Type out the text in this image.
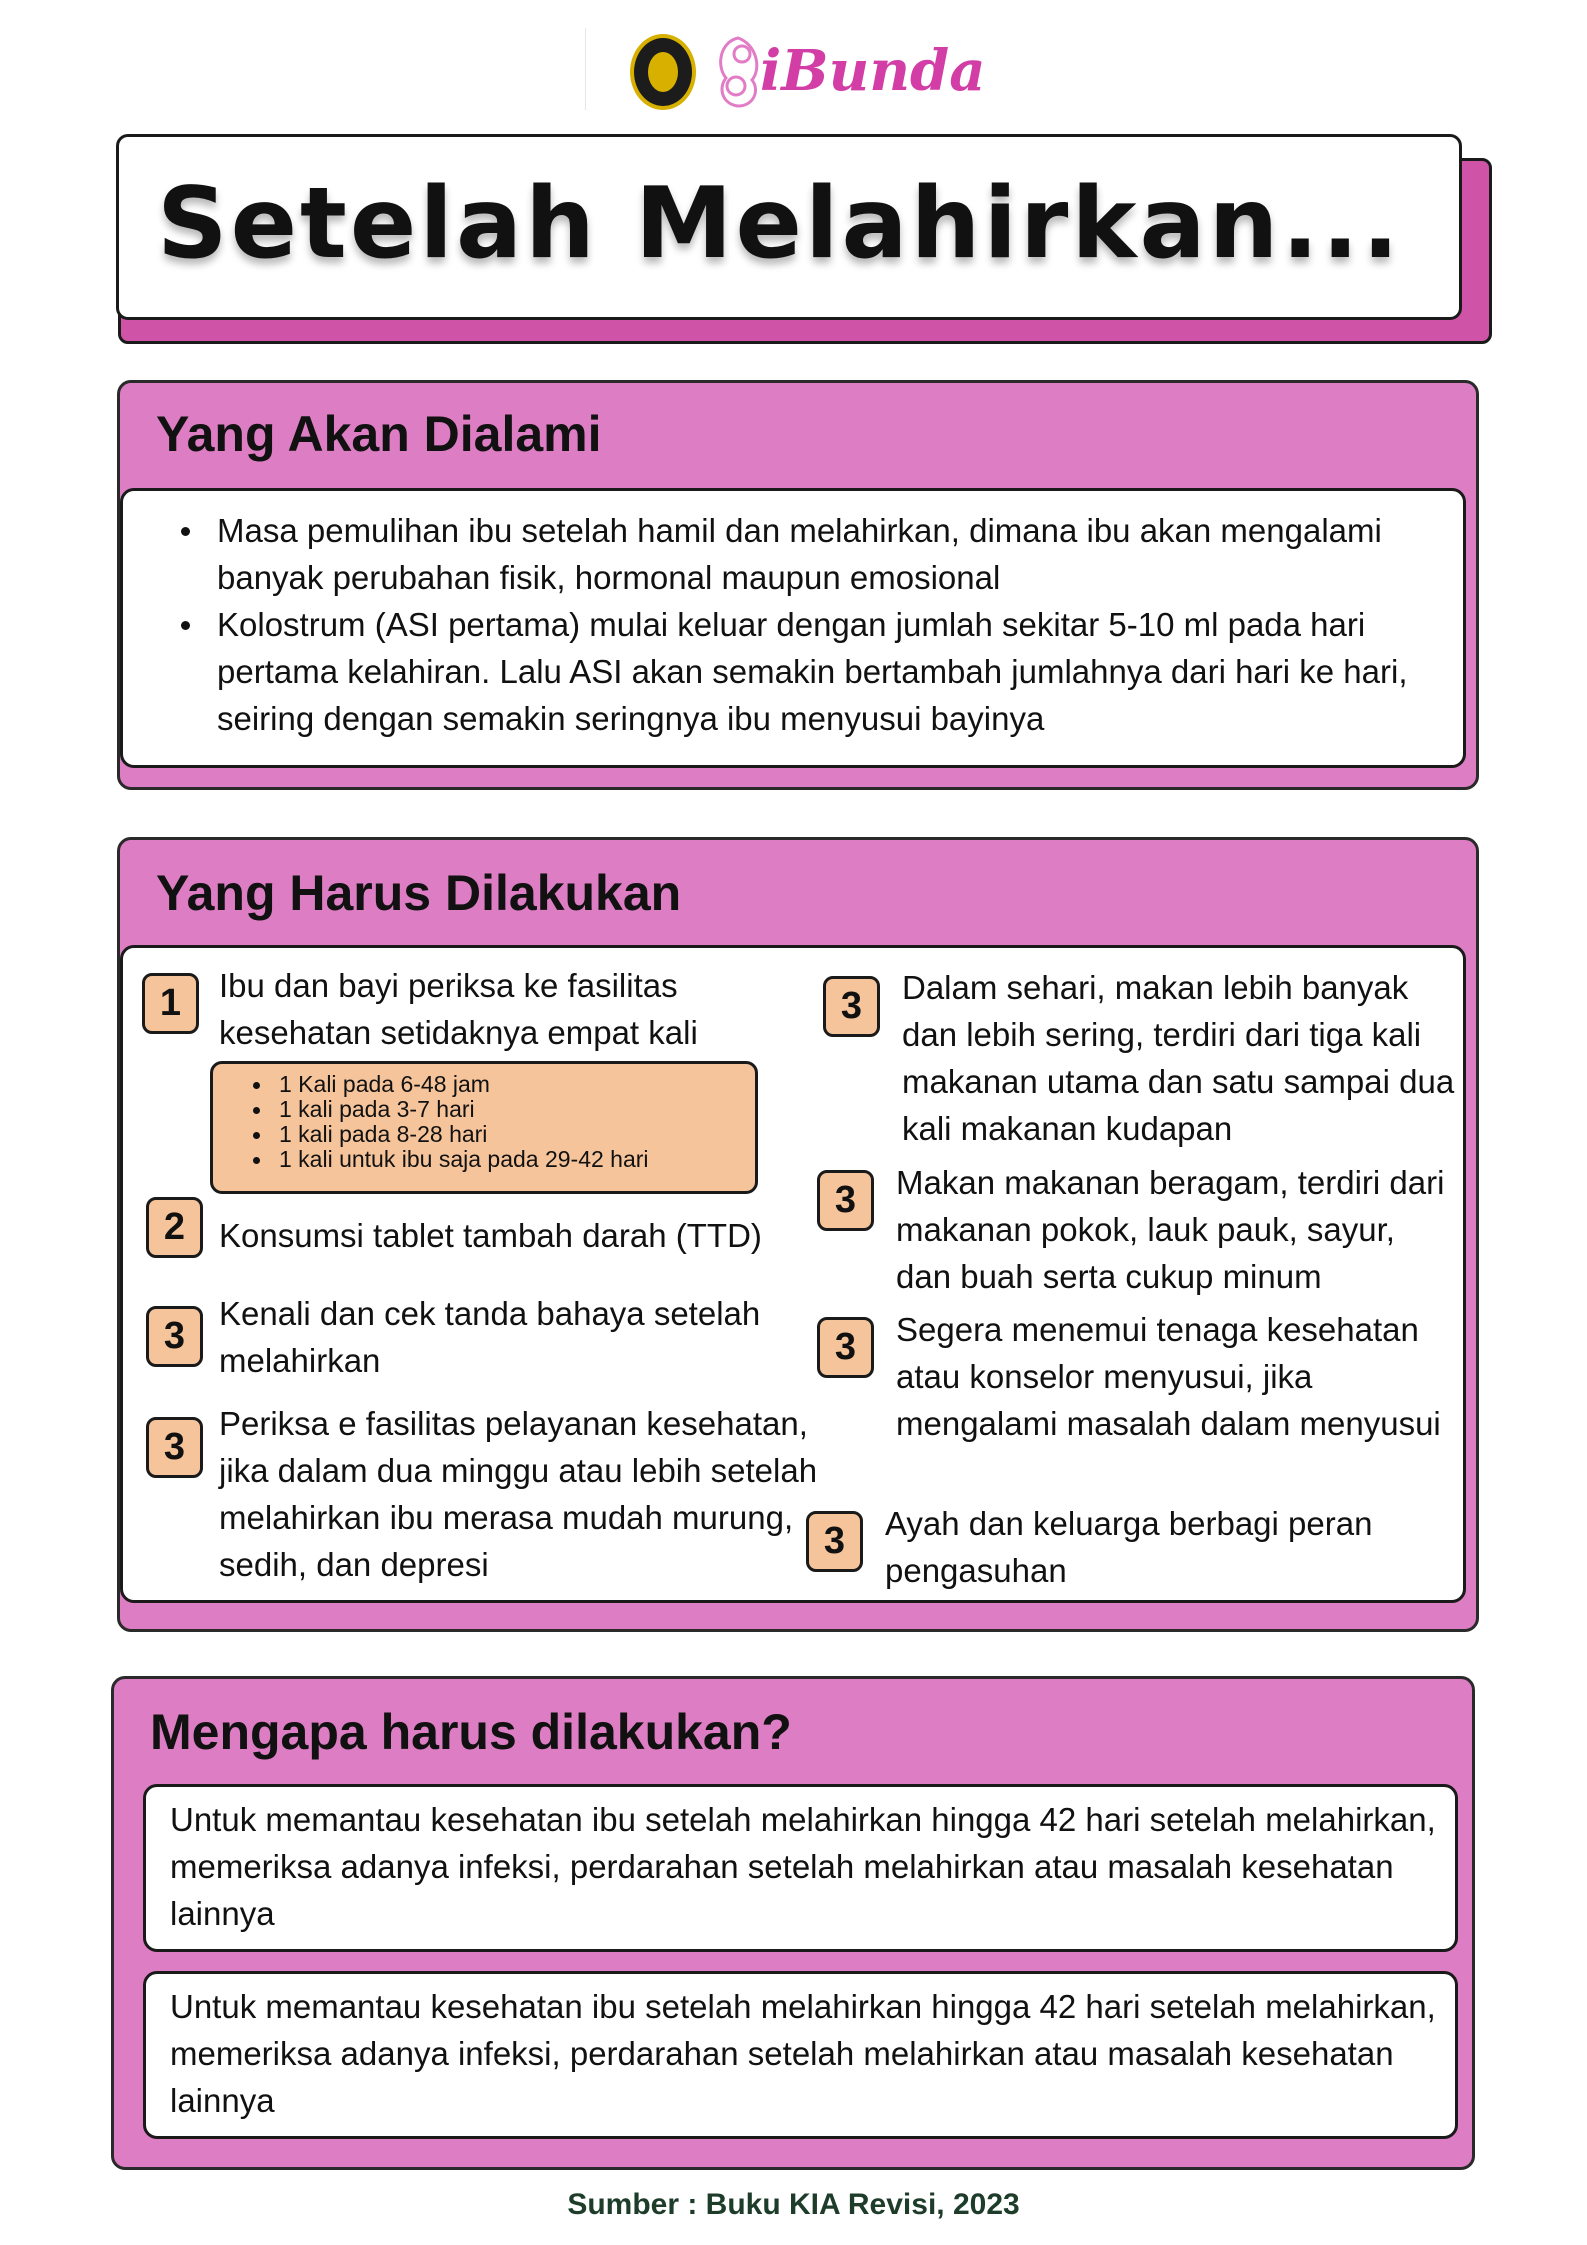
iBunda
Setelah Melahirkan...
Yang Akan Dialami
Masa pemulihan ibu setelah hamil dan melahirkan, dimana ibu akan mengalami banyak perubahan fisik, hormonal maupun emosional
Kolostrum (ASI pertama) mulai keluar dengan jumlah sekitar 5-10 ml pada hari pertama kelahiran. Lalu ASI akan semakin bertambah jumlahnya dari hari ke hari, seiring dengan semakin seringnya ibu menyusui bayinya
Yang Harus Dilakukan
1	Ibu dan bayi periksa ke fasilitas kesehatan setidaknya empat kali
1 Kali pada 6-48 jam
1 kali pada 3-7 hari
1 kali pada 8-28 hari
1 kali untuk ibu saja pada 29-42 hari
2	Konsumsi tablet tambah darah (TTD)
3
Kenali dan cek tanda bahaya setelah melahirkan
3
Periksa e fasilitas pelayanan kesehatan, jika dalam dua minggu atau lebih setelah melahirkan ibu merasa mudah murung, sedih, dan depresi
3	Dalam sehari, makan lebih banyak dan lebih sering, terdiri dari tiga kali makanan utama dan satu sampai dua kali makanan kudapan
3	Makan makanan beragam, terdiri dari makanan pokok, lauk pauk, sayur, dan buah serta cukup minum
3	Segera menemui tenaga kesehatan atau konselor menyusui, jika mengalami masalah dalam menyusui
3	Ayah dan keluarga berbagi peran pengasuhan
Mengapa harus dilakukan?
Untuk memantau kesehatan ibu setelah melahirkan hingga 42 hari setelah melahirkan, memeriksa adanya infeksi, perdarahan setelah melahirkan atau masalah kesehatan lainnya
Untuk memantau kesehatan ibu setelah melahirkan hingga 42 hari setelah melahirkan, memeriksa adanya infeksi, perdarahan setelah melahirkan atau masalah kesehatan lainnya
Sumber : Buku KIA Revisi, 2023
